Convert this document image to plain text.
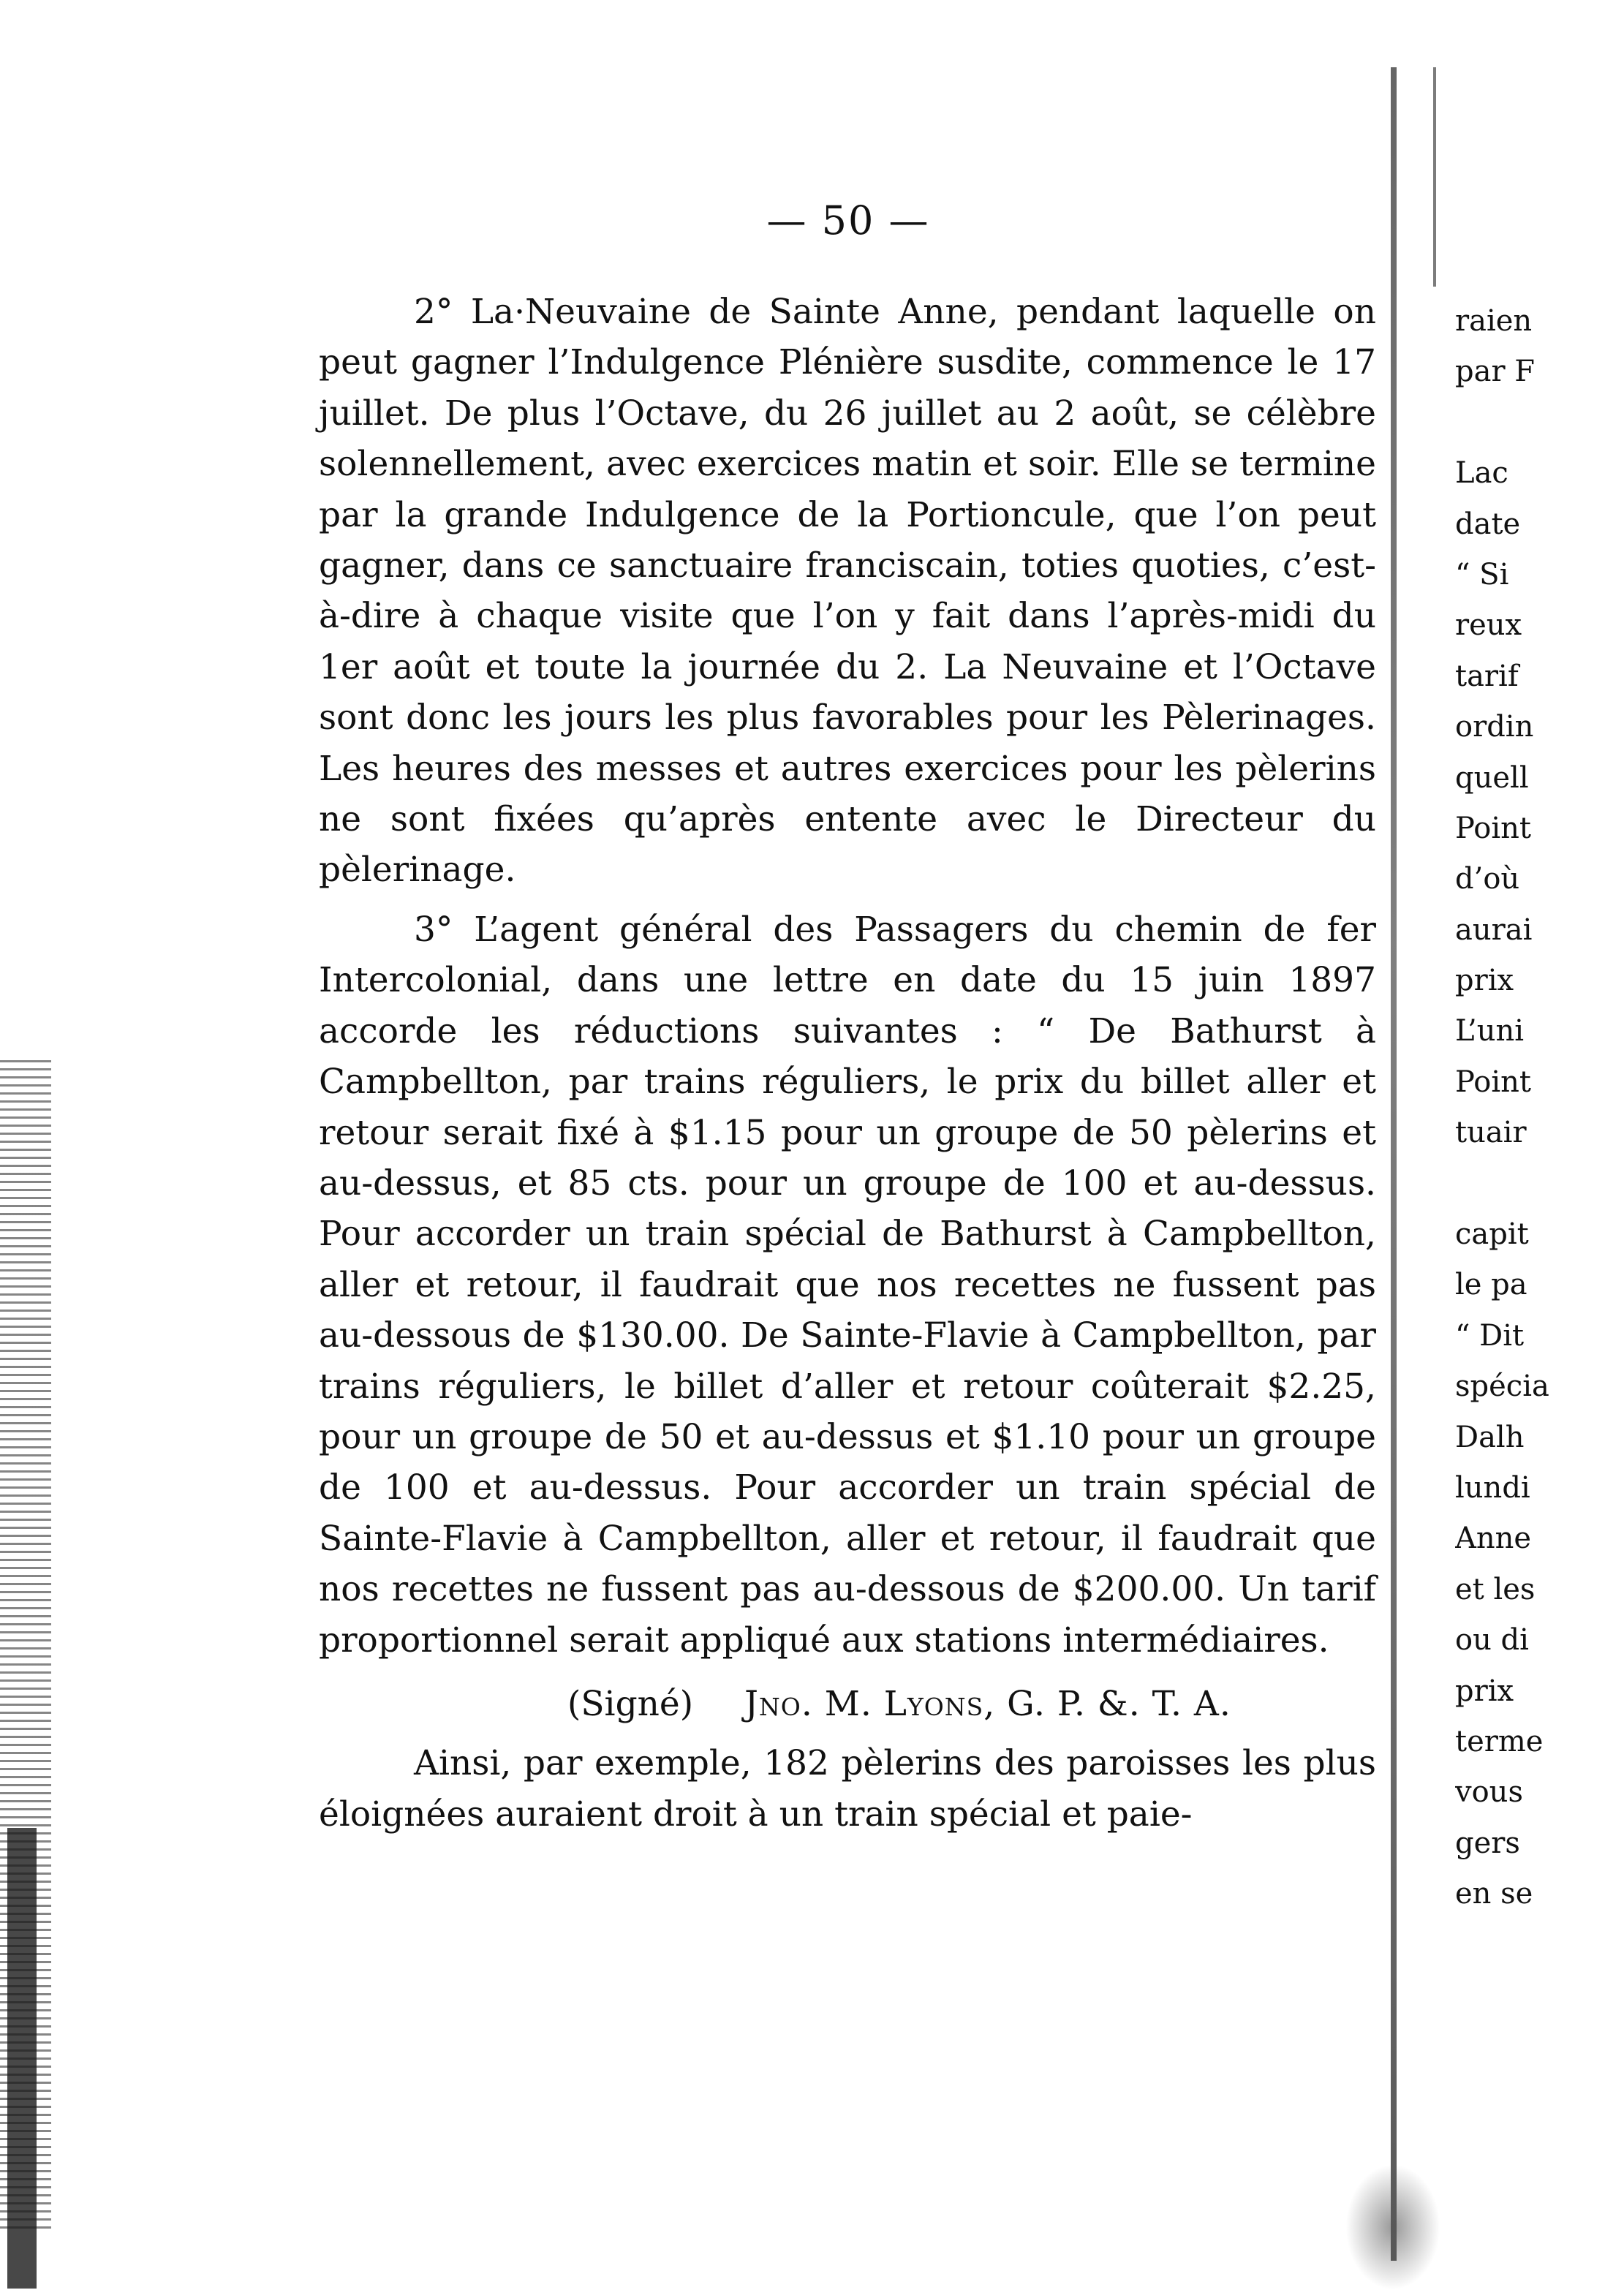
— 50 —

2° La·Neuvaine de Sainte Anne, pendant laquelle on peut gagner l’Indulgence Plénière susdite, commence le 17 juillet. De plus l’Octave, du 26 juillet au 2 août, se célèbre solennellement, avec exercices matin et soir. Elle se termine par la grande Indulgence de la Portioncule, que l’on peut gagner, dans ce sanctuaire franciscain, toties quoties, c’est-à-dire à chaque visite que l’on y fait dans l’après-midi du 1er août et toute la journée du 2. La Neuvaine et l’Octave sont donc les jours les plus favorables pour les Pèlerinages. Les heures des messes et autres exercices pour les pèlerins ne sont fixées qu’après entente avec le Directeur du pèlerinage.

3° L’agent général des Passagers du chemin de fer Intercolonial, dans une lettre en date du 15 juin 1897 accorde les réductions suivantes : “ De Bathurst à Campbellton, par trains réguliers, le prix du billet aller et retour serait fixé à $1.15 pour un groupe de 50 pèlerins et au-dessus, et 85 cts. pour un groupe de 100 et au-dessus. Pour accorder un train spécial de Bathurst à Campbellton, aller et retour, il faudrait que nos recettes ne fussent pas au-dessous de $130.00. De Sainte-Flavie à Campbellton, par trains réguliers, le billet d’aller et retour coûterait $2.25, pour un groupe de 50 et au-dessus et $1.10 pour un groupe de 100 et au-dessus. Pour accorder un train spécial de Sainte-Flavie à Campbellton, aller et retour, il faudrait que nos recettes ne fussent pas au-dessous de $200.00. Un tarif proportionnel serait appliqué aux stations intermédiaires.

(Signé) Jno. M. Lyons, G. P. &. T. A.

Ainsi, par exemple, 182 pèlerins des paroisses les plus éloignées auraient droit à un train spécial et paie-

raien
par F
Lac
date
“ Si
reux
tarif
ordin
quell
Point
d’où
aurai
prix
L’uni
Point
tuair
capit
le pa
“ Dit
spécia
Dalh
lundi
Anne
et les
ou di
prix
terme
vous
gers
en se
